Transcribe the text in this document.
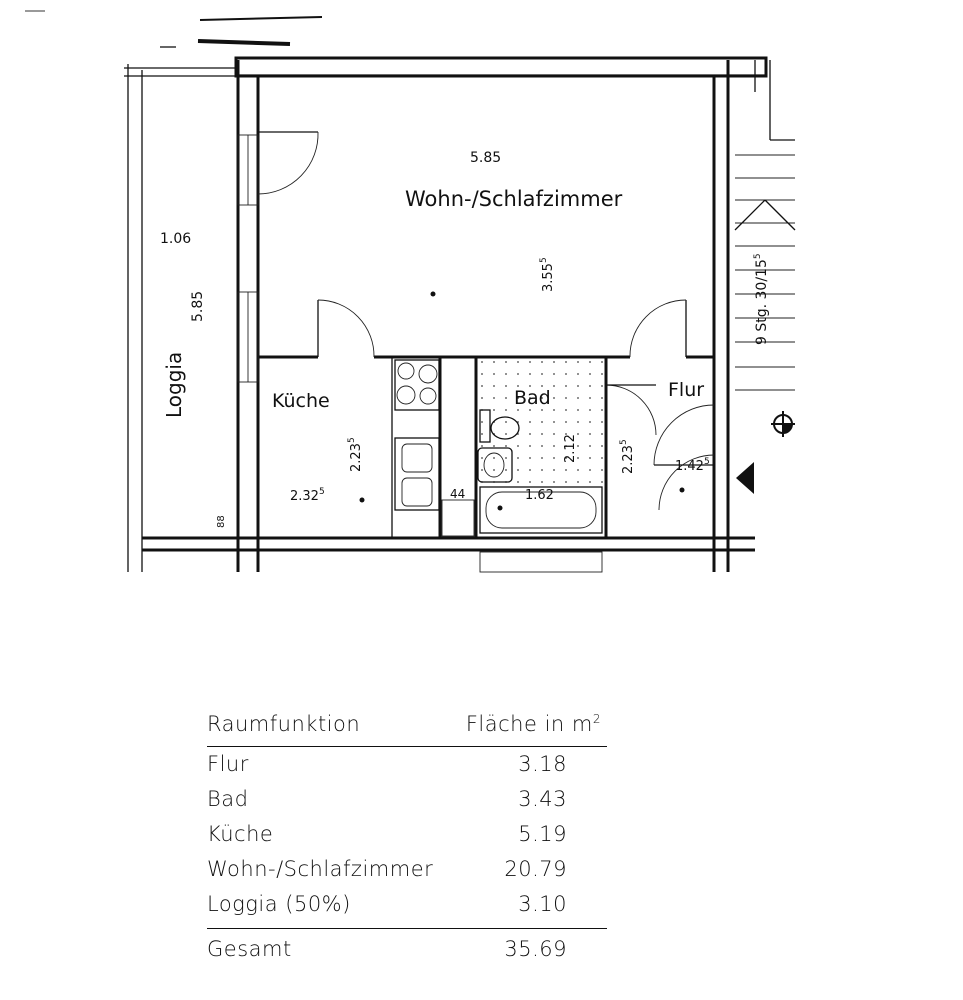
5.85
Wohn-/Schlafzimmer
3.55$^5$
Küche
2.23$^5$
2.32$^5$
Bad
2.12
1.62
44
Flur
2.23$^5$
1.42$^5$
1.06
5.85
Loggia
88
9 Stg. $30/15^5$
Raumfunktion	Fläche in $m^2$
Flur	3.18
Bad	3.43
Küche	5.19
Wohn-/Schlafzimmer	20.79
Loggia (50%)	3.10
Gesamt	35.69
